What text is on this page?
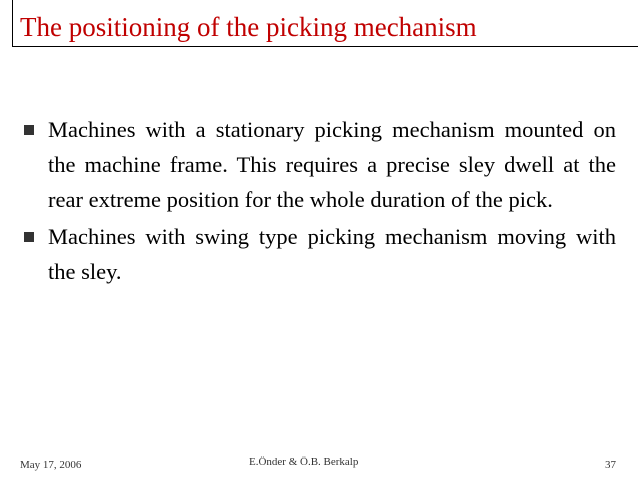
The positioning of the picking mechanism
Machines with a stationary picking mechanism mounted on the machine frame. This requires a precise sley dwell at the rear extreme position for the whole duration of the pick.
Machines with swing type picking mechanism moving with the sley.
May 17, 2006	E.Önder & Ö.B. Berkalp	37
